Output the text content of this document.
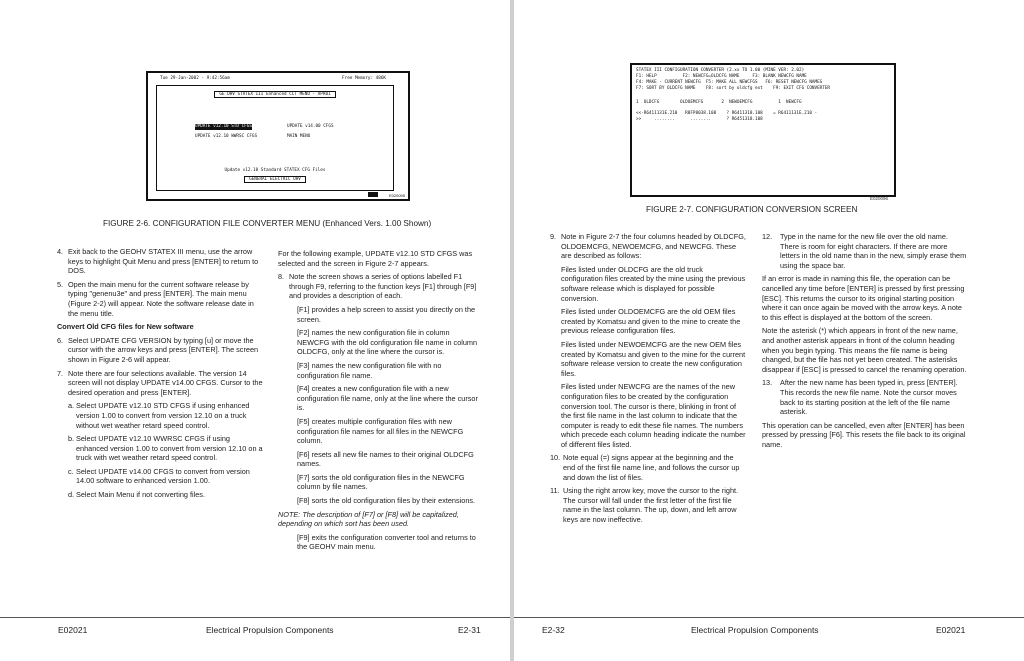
Tue 29-Jan-2002 - 9:42:56am	Free Memory: 486K
GE OHV STATEX III Enhanced CCT MENU - APR01
UPDATE v12.10 STD CFGS	UPDATE v14.00 CFGS
UPDATE v12.10 WWRSC CFGS	MAIN MENU
Update v12.10 Standard STATEX CFG Files
GENERAL ELECTRIC OHV
E020095
FIGURE 2-6. CONFIGURATION FILE CONVERTER MENU (Enhanced Vers. 1.00 Shown)

4. Exit back to the GEOHV STATEX III menu, use the arrow keys to highlight Quit Menu and press [ENTER] to return to DOS.

5. Open the main menu for the current software release by typing "genenu3e" and press [ENTER]. The main menu (Figure 2-2) will appear. Note the software release date in the menu title.

Convert Old CFG files for New software

6. Select UPDATE CFG VERSION by typing [u] or move the cursor with the arrow keys and press [ENTER]. The screen shown in Figure 2-6 will appear.

7. Note there are four selections available. The version 14 screen will not display UPDATE v14.00 CFGS. Cursor to the desired operation and press [ENTER].

a. Select UPDATE v12.10 STD CFGS if using enhanced version 1.00 to convert from version 12.10 on a truck without wet weather retard speed control.

b. Select UPDATE v12.10 WWRSC CFGS if using enhanced version 1.00 to convert from version 12.10 on a truck with wet weather retard speed control.

c. Select UPDATE v14.00 CFGS to convert from version 14.00 software to enhanced version 1.00.

d. Select Main Menu if not converting files.

For the following example, UPDATE v12.10 STD CFGS was selected and the screen in Figure 2-7 appears.

8. Note the screen shows a series of options labelled F1 through F9, referring to the function keys [F1] through [F9] and provides a description of each.

[F1] provides a help screen to assist you directly on the screen.

[F2] names the new configuration file in column NEWCFG with the old configuration file name in column OLDCFG, only at the line where the cursor is.

[F3] names the new configuration file with no configuration file name.

[F4] creates a new configuration file with a new configuration file name, only at the line where the cursor is.

[F5] creates multiple configuration files with new configuration file names for all files in the NEWCFG column.

[F6] resets all new file names to their original OLDCFG names.

[F7] sorts the old configuration files in the NEWCFG column by file names.

[F8] sorts the old configuration files by their extensions.

NOTE: The description of [F7] or [F8] will be capitalized, depending on which sort has been used.

[F9] exits the configuration converter tool and returns to the GEOHV main menu.

E02021	Electrical Propulsion Components	E2-31
STATEX III CONFIGURATION CONVERTER (2.xx TO 1.00 (MINE VER: 2.02)
F1: HELP          F2: NEWCFG=OLDCFG NAME     F3: BLANK NEWCFG NAME
F4: MAKE - CURRENT NEWCFG  F5: MAKE ALL NEWCFGS   F6: RESET NEWCFG NAMES
F7: SORT BY OLDCFG NAME    F8: sort by oldcfg ext    F9: EXIT CFG CONVERTER
1  OLDCFG        OLDOEMCFG       2  NEWOEMCFG          1  NEWCFG
<<-R6411131E.210   R8FP8038.108    ? R6411318.108    = R6411131E.210 -
>>     ........      ........      ? R6451318.108
E020096
FIGURE 2-7. CONFIGURATION CONVERSION SCREEN

9. Note in Figure 2-7 the four columns headed by OLDCFG, OLDOEMCFG, NEWOEMCFG, and NEWCFG. These are described as follows:

Files listed under OLDCFG are the old truck configuration files created by the mine using the previous software release which is displayed for possible conversion.

Files listed under OLDOEMCFG are the old OEM files created by Komatsu and given to the mine to create the previous release configuration files.

Files listed under NEWOEMCFG are the new OEM files created by Komatsu and given to the mine for the current software release version to create the new configuration files.

Files listed under NEWCFG are the names of the new configuration files to be created by the configuration conversion tool. The cursor is there, blinking in front of the first file name in the last column to indicate that the computer is ready to edit these file names. The numbers which precede each column heading indicate the number of different files listed.

10. Note equal (=) signs appear at the beginning and the end of the first file name line, and follows the cursor up and down the list of files.

11. Using the right arrow key, move the cursor to the right. The cursor will fall under the first letter of the first file name in the last column. The up, down, and left arrow keys are now ineffective.

12. Type in the name for the new file over the old name. There is room for eight characters. If there are more letters in the old name than in the new, simply erase them using the space bar.

If an error is made in naming this file, the operation can be cancelled any time before [ENTER] is pressed by first pressing [ESC]. This returns the cursor to its original starting position where it can once again be moved with the arrow keys. A note to this effect is displayed at the bottom of the screen.

Note the asterisk (*) which appears in front of the new name, and another asterisk appears in front of the column heading when you begin typing. This means the file name is being changed, but the file has not yet been created. The asterisks disappear if [ESC] is pressed to cancel the renaming operation.

13. After the new name has been typed in, press [ENTER]. This records the new file name. Note the cursor moves back to its starting position at the left of the file name asterisk.

This operation can be cancelled, even after [ENTER] has been pressed by pressing [F6]. This resets the file back to its original name.

E2-32	Electrical Propulsion Components	E02021
